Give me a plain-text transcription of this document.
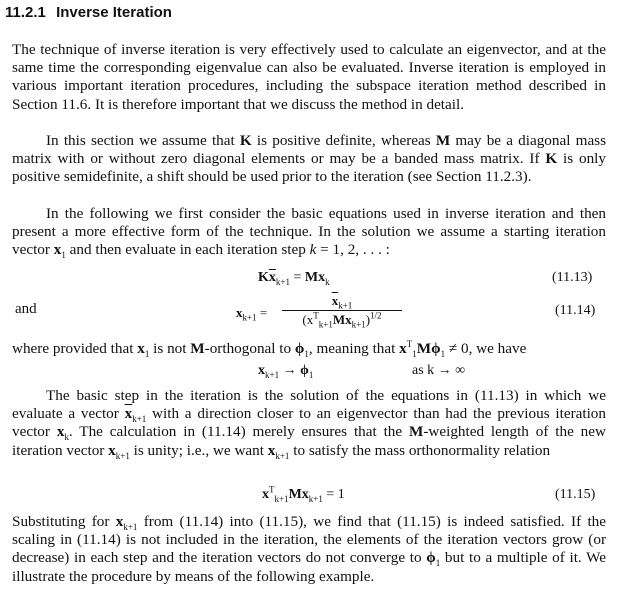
11.2.1 Inverse Iteration

The technique of inverse iteration is very effectively used to calculate an eigenvector, and at the same time the corresponding eigenvalue can also be evaluated. Inverse iteration is employed in various important iteration procedures, including the subspace iteration method described in Section 11.6. It is therefore important that we discuss the method in detail.

In this section we assume that K is positive definite, whereas M may be a diagonal mass matrix with or without zero diagonal elements or may be a banded mass matrix. If K is only positive semidefinite, a shift should be used prior to the iteration (see Section 11.2.3).

In the following we first consider the basic equations used in inverse iteration and then present a more effective form of the technique. In the solution we assume a starting iteration vector $x_1$ and then evaluate in each iteration step k = 1, 2, . . . :

$K\overline{x}_{k+1} = Mx_k$	(11.13)
and	$x_{k+1}$ =
$\overline{x}_{k+1}$
$(x^T_{k+1}Mx_{k+1})^{1/2}$	(11.14)

where provided that $x_1$ is not M-orthogonal to $\phi_1$, meaning that $x^T_1M\phi_1 \ne 0$, we have

$x_{k+1} \to \phi_1$	as k → ∞

The basic step in the iteration is the solution of the equations in (11.13) in which we evaluate a vector $\overline{x}_{k+1}$ with a direction closer to an eigenvector than had the previous iteration vector $x_k$. The calculation in (11.14) merely ensures that the M-weighted length of the new iteration vector $x_{k+1}$ is unity; i.e., we want $x_{k+1}$ to satisfy the mass orthonormality relation

$x^T_{k+1}Mx_{k+1} = 1$	(11.15)

Substituting for $x_{k+1}$ from (11.14) into (11.15), we find that (11.15) is indeed satisfied. If the scaling in (11.14) is not included in the iteration, the elements of the iteration vectors grow (or decrease) in each step and the iteration vectors do not converge to $\phi_1$ but to a multiple of it. We illustrate the procedure by means of the following example.
